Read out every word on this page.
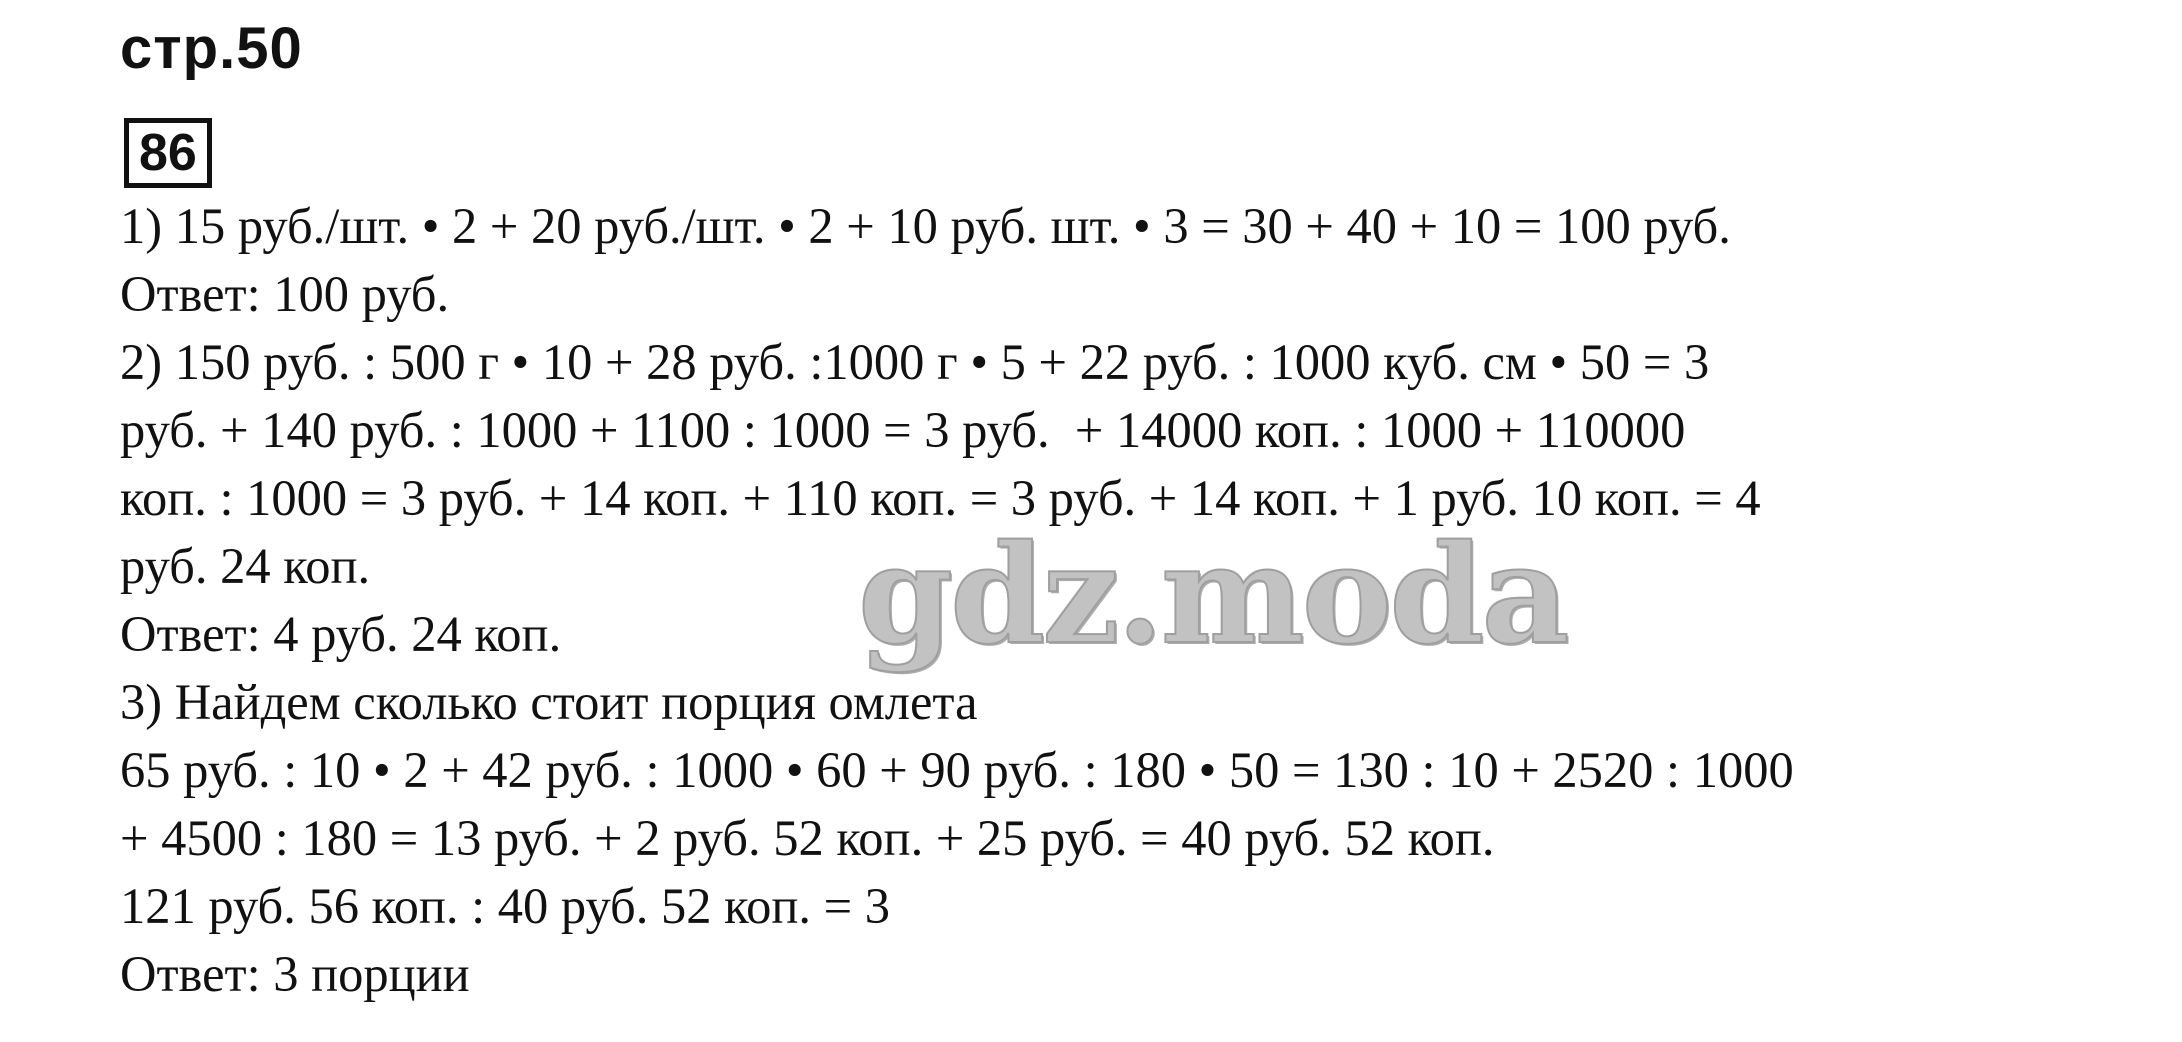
стр.50
86
1) 15 руб./шт. • 2 + 20 руб./шт. • 2 + 10 руб. шт. • 3 = 30 + 40 + 10 = 100 руб.
Ответ: 100 руб.
2) 150 руб. : 500 г • 10 + 28 руб. :1000 г • 5 + 22 руб. : 1000 куб. см • 50 = 3
руб. + 140 руб. : 1000 + 1100 : 1000 = 3 руб.  + 14000 коп. : 1000 + 110000
коп. : 1000 = 3 руб. + 14 коп. + 110 коп. = 3 руб. + 14 коп. + 1 руб. 10 коп. = 4
руб. 24 коп.
Ответ: 4 руб. 24 коп.
3) Найдем сколько стоит порция омлета
65 руб. : 10 • 2 + 42 руб. : 1000 • 60 + 90 руб. : 180 • 50 = 130 : 10 + 2520 : 1000
+ 4500 : 180 = 13 руб. + 2 руб. 52 коп. + 25 руб. = 40 руб. 52 коп.
121 руб. 56 коп. : 40 руб. 52 коп. = 3
Ответ: 3 порции
gdz.moda
